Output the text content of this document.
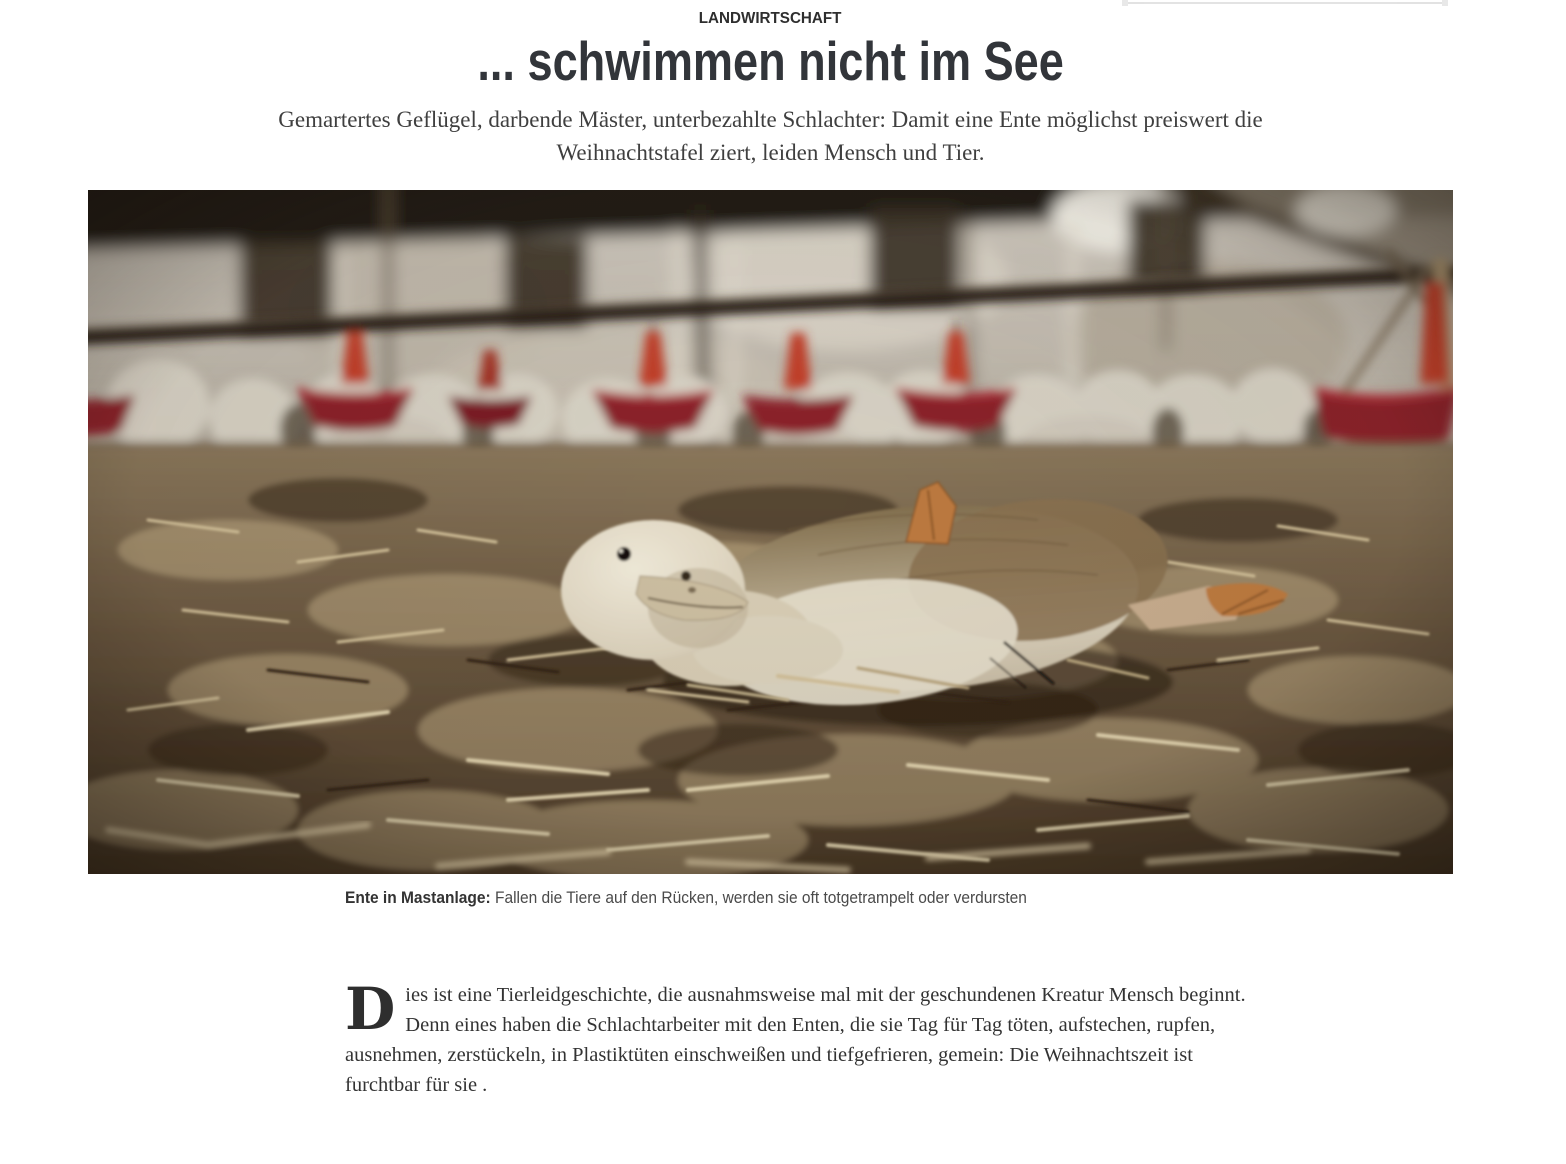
LANDWIRTSCHAFT
... schwimmen nicht im See

Gemartertes Geflügel, darbende Mäster, unterbezahlte Schlachter: Damit eine Ente möglichst preiswert die Weihnachtstafel ziert, leiden Mensch und Tier.

Ente in Mastanlage: Fallen die Tiere auf den Rücken, werden sie oft totgetrampelt oder verdursten

Dies ist eine Tierleidgeschichte, die ausnahmsweise mal mit der geschundenen Kreatur Mensch beginnt. Denn eines haben die Schlachtarbeiter mit den Enten, die sie Tag für Tag töten, aufstechen, rupfen, ausnehmen, zerstückeln, in Plastiktüten einschweißen und tiefgefrieren, gemein: Die Weihnachtszeit ist furchtbar für sie .
